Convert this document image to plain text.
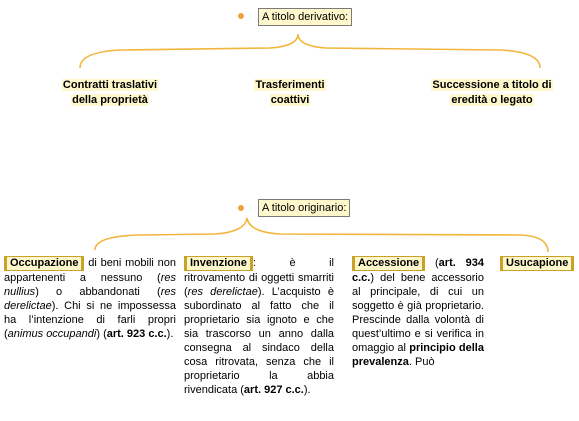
A titolo derivativo:
Contratti traslativi
della proprietà
Trasferimenti
coattivi
Successione a titolo di
eredità o legato
A titolo originario:
Occupazione di beni mobili non appartenenti a nessuno (res nullius) o abbandonati (res derelictae). Chi si ne impossessa ha l’intenzione di farli propri (animus occupandi) (art. 923 c.c.).
Invenzione : è il ritrovamento di oggetti smarriti (res derelictae). L’acquisto è subordinato al fatto che il proprietario sia ignoto e che sia trascorso un anno dalla consegna al sindaco della cosa ritrovata, senza che il proprietario la abbia rivendicata (art. 927 c.c.).
Accessione (art. 934 c.c.) del bene accessorio al principale, di cui un soggetto è già proprietario. Prescinde dalla volontà di quest’ultimo e si verifica in omaggio al principio della prevalenza. Può
Usucapione
